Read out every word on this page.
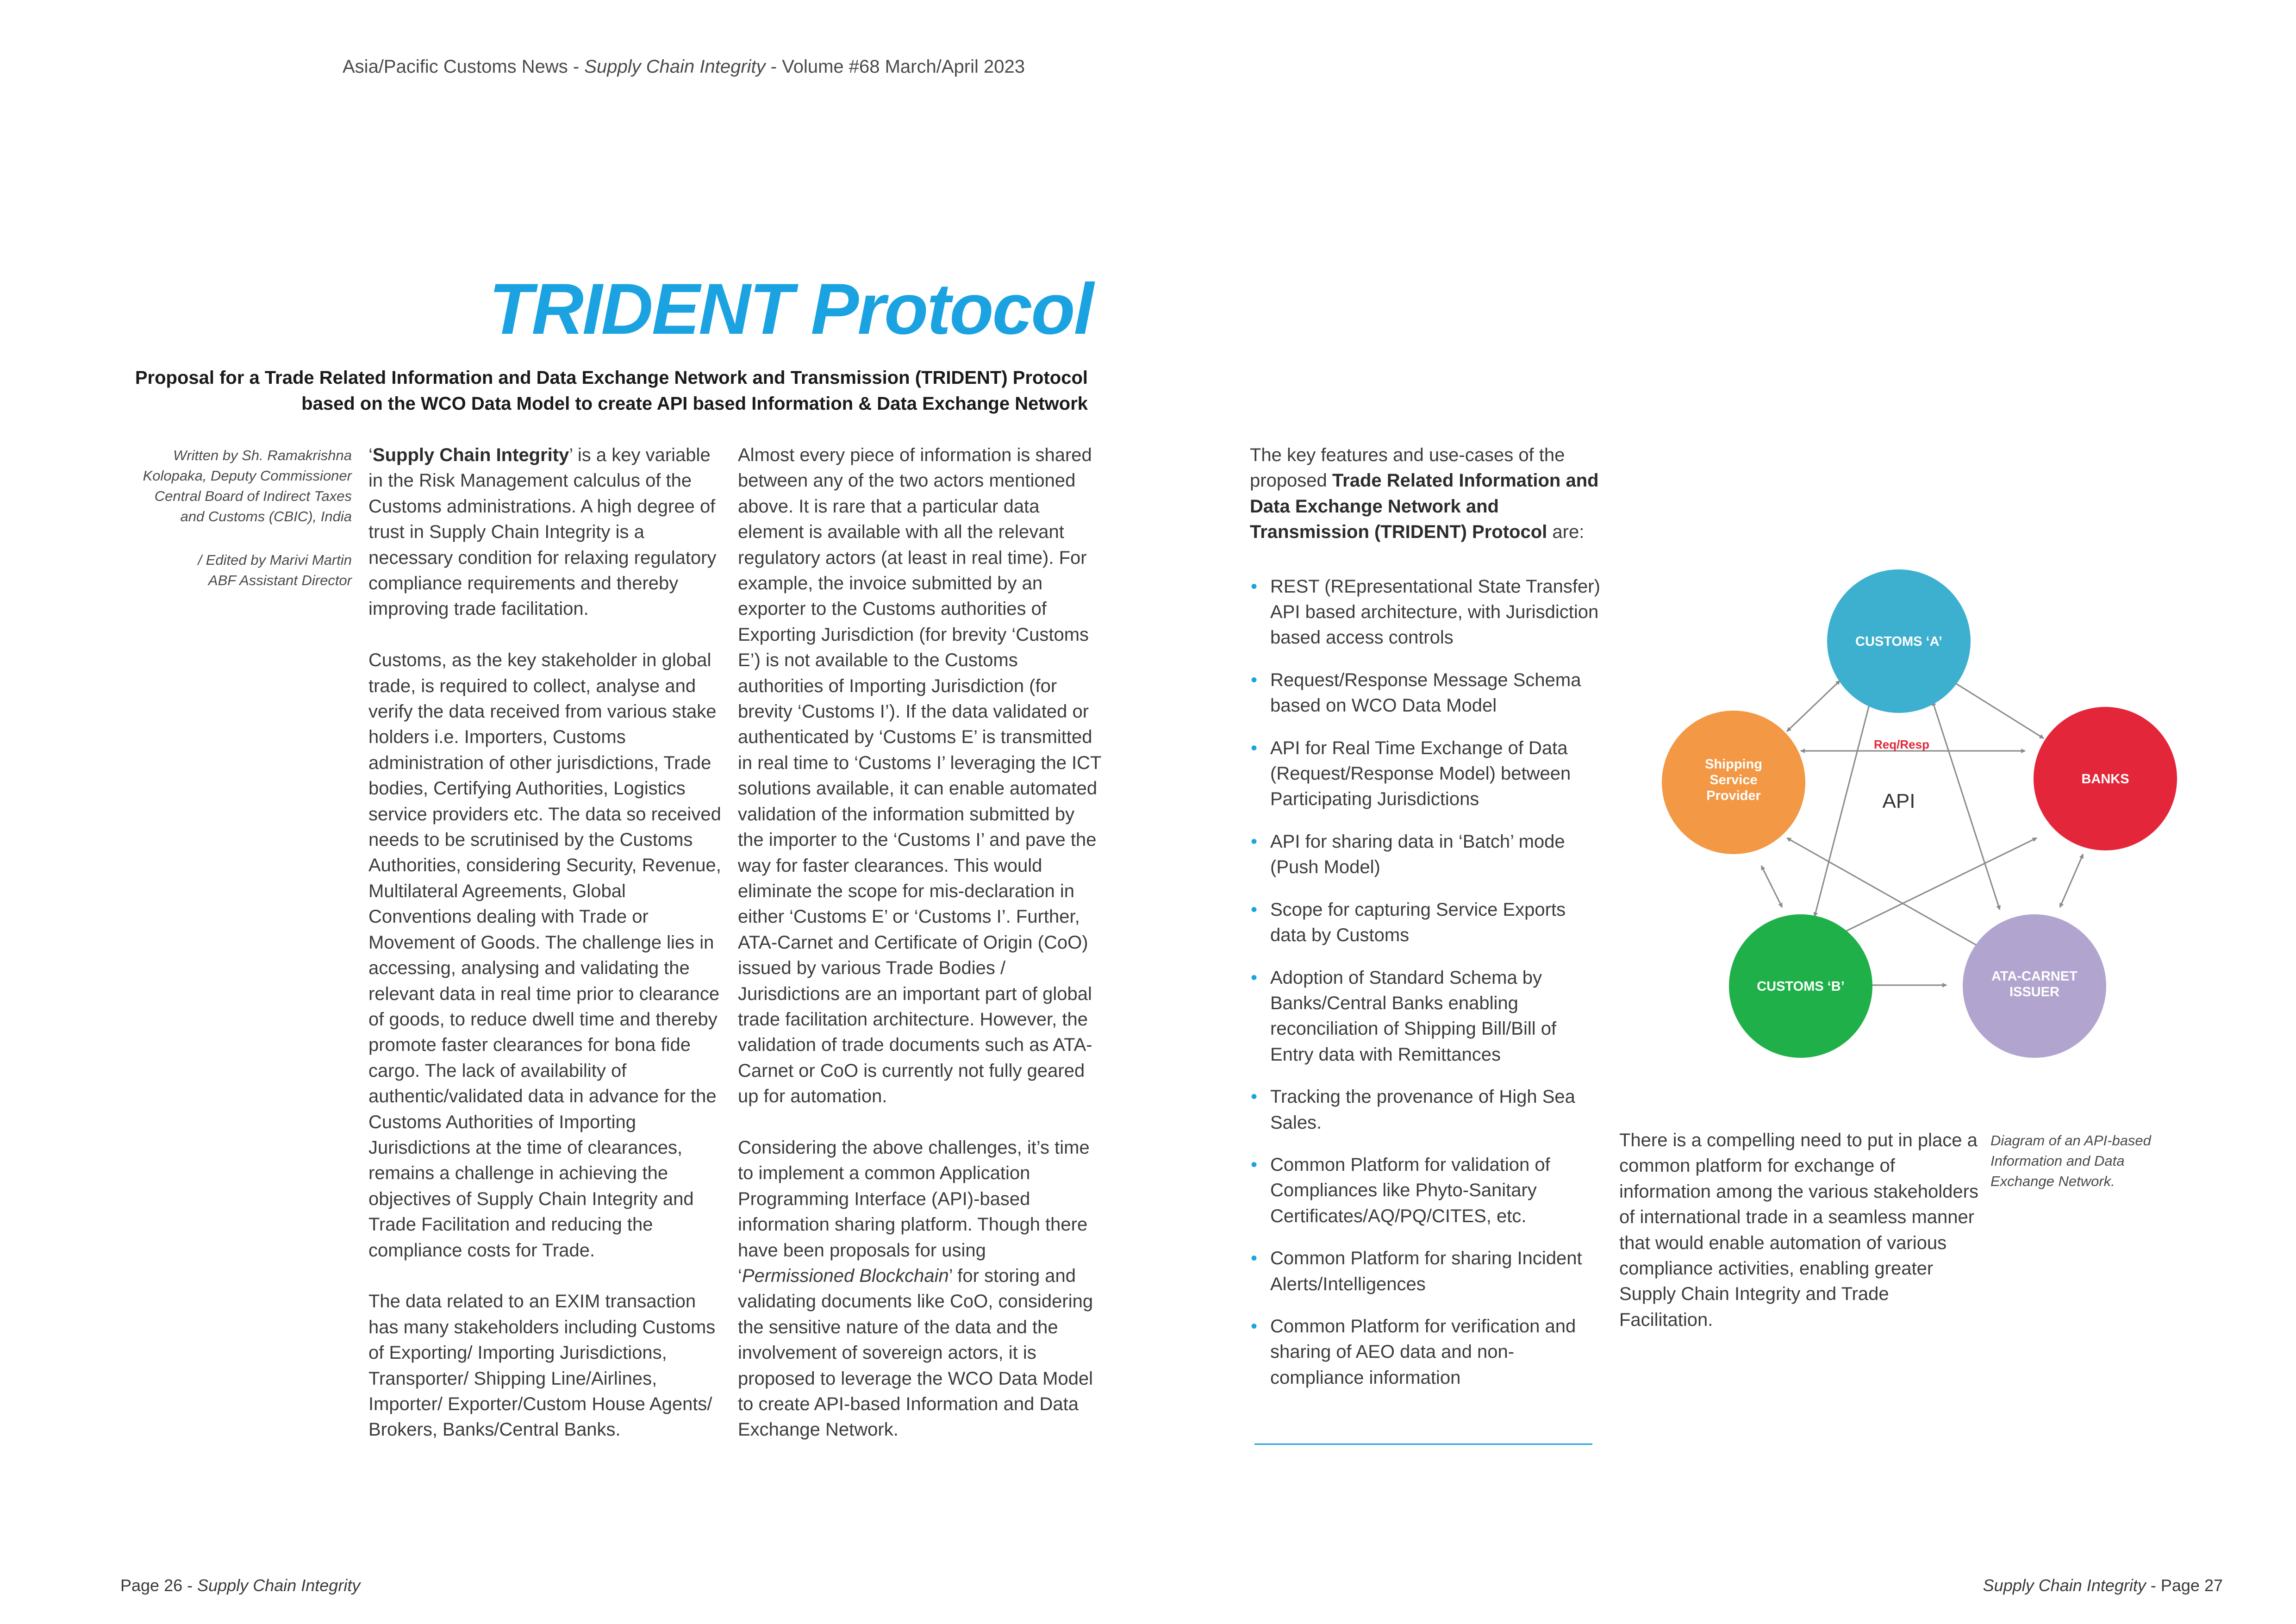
Asia/Pacific Customs News - Supply Chain Integrity - Volume #68 March/April 2023
TRIDENT Protocol
Proposal for a Trade Related Information and Data Exchange Network and Transmission (TRIDENT) Protocol
based on the WCO Data Model to create API based Information & Data Exchange Network
Written by Sh. Ramakrishna
Kolopaka, Deputy Commissioner
Central Board of Indirect Taxes
and Customs (CBIC), India
/ Edited by Marivi Martin
ABF Assistant Director

‘Supply Chain Integrity’ is a key variable in the Risk Management calculus of the Customs administrations. A high degree of trust in Supply Chain Integrity is a necessary condition for relaxing regulatory compliance requirements and thereby improving trade facilitation.

Customs, as the key stakeholder in global trade, is required to collect, analyse and verify the data received from various stake holders i.e. Importers, Customs administration of other jurisdictions, Trade bodies, Certifying Authorities, Logistics service providers etc. The data so received needs to be scrutinised by the Customs Authorities, considering Security, Revenue, Multilateral Agreements, Global Conventions dealing with Trade or Movement of Goods. The challenge lies in accessing, analysing and validating the relevant data in real time prior to clearance of goods, to reduce dwell time and thereby promote faster clearances for bona fide cargo. The lack of availability of authentic/validated data in advance for the Customs Authorities of Importing Jurisdictions at the time of clearances, remains a challenge in achieving the objectives of Supply Chain Integrity and Trade Facilitation and reducing the compliance costs for Trade.

The data related to an EXIM transaction has many stakeholders including Customs of Exporting/ Importing Jurisdictions, Transporter/ Shipping Line/Airlines, Importer/ Exporter/Custom House Agents/ Brokers, Banks/Central Banks.

Almost every piece of information is shared between any of the two actors mentioned above. It is rare that a particular data element is available with all the relevant regulatory actors (at least in real time). For example, the invoice submitted by an exporter to the Customs authorities of Exporting Jurisdiction (for brevity ‘Customs E’) is not available to the Customs authorities of Importing Jurisdiction (for brevity ‘Customs I’). If the data validated or authenticated by ‘Customs E’ is transmitted in real time to ‘Customs I’ leveraging the ICT solutions available, it can enable automated validation of the information submitted by the importer to the ‘Customs I’ and pave the way for faster clearances. This would eliminate the scope for mis-declaration in either ‘Customs E’ or ‘Customs I’. Further, ATA-Carnet and Certificate of Origin (CoO) issued by various Trade Bodies / Jurisdictions are an important part of global trade facilitation architecture. However, the validation of trade documents such as ATA-Carnet or CoO is currently not fully geared up for automation.

Considering the above challenges, it’s time to implement a common Application Programming Interface (API)-based information sharing platform. Though there have been proposals for using ‘Permissioned Blockchain’ for storing and validating documents like CoO, considering the sensitive nature of the data and the involvement of sovereign actors, it is proposed to leverage the WCO Data Model to create API-based Information and Data Exchange Network.

The key features and use-cases of the proposed Trade Related Information and Data Exchange Network and Transmission (TRIDENT) Protocol are:

• REST (REpresentational State Transfer) API based architecture, with Jurisdiction based access controls
• Request/Response Message Schema based on WCO Data Model
• API for Real Time Exchange of Data (Request/Response Model) between Participating Jurisdictions
• API for sharing data in ‘Batch’ mode (Push Model)
• Scope for capturing Service Exports data by Customs
• Adoption of Standard Schema by Banks/Central Banks enabling reconciliation of Shipping Bill/Bill of Entry data with Remittances
• Tracking the provenance of High Sea Sales.
• Common Platform for validation of Compliances like Phyto-Sanitary Certificates/AQ/PQ/CITES, etc.
• Common Platform for sharing Incident Alerts/Intelligences
• Common Platform for verification and sharing of AEO data and non-compliance information
Req/Resp
API
CUSTOMS ‘A’
BANKS
Shipping
Service
Provider
CUSTOMS ‘B’
ATA-CARNET
ISSUER

There is a compelling need to put in place a common platform for exchange of information among the various stakeholders of international trade in a seamless manner that would enable automation of various compliance activities, enabling greater Supply Chain Integrity and Trade Facilitation.

Diagram of an API-based Information and Data Exchange Network.
Page 26 - Supply Chain Integrity	Supply Chain Integrity - Page 27
